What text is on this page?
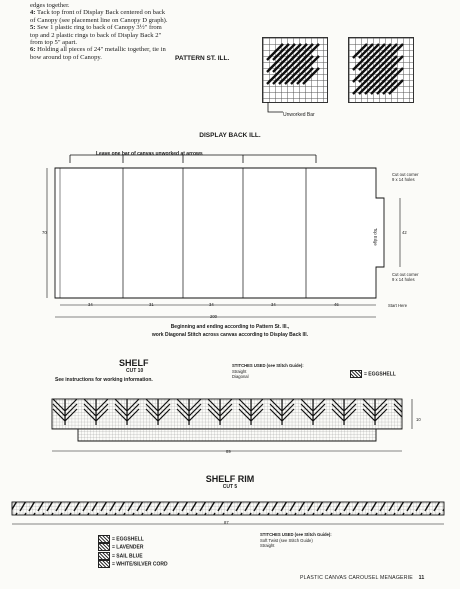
edges together.

4: Tack top front of Display Back centered on back of Canopy (see placement line on Canopy D graph).

5: Sew 1 plastic ring to back of Canopy 3½" from top and 2 plastic rings to back of Display Back 2" from top 5" apart.

6: Holding all pieces of 24" metallic together, tie in bow around top of Canopy.	PATTERN ST. ILL.
Unworked Bar
DISPLAY BACK ILL.
Leave one bar of canvas unworked at arrows
70
34	31	34	34	46
200
Cut out corner
9 x 14 holes
Cut out corner
9 x 14 holes
Top Edge	42
Start Here
Beginning and ending according to Pattern St. Ill.,
work Diagonal Stitch across canvas according to Display Back Ill.
SHELF
CUT 10
See instructions for working information.
STITCHES USED (see Stitch Guide):
Straight
Diagonal	= EGGSHELL
89
10
SHELF RIM
CUT 5
87
STITCHES USED (see Stitch Guide):
Soft Twist (see Stitch Guide)
Straight
= EGGSHELL
= LAVENDER
= SAIL BLUE
= WHITE/SILVER CORD
PLASTIC CANVAS CAROUSEL MENAGERIE 11
